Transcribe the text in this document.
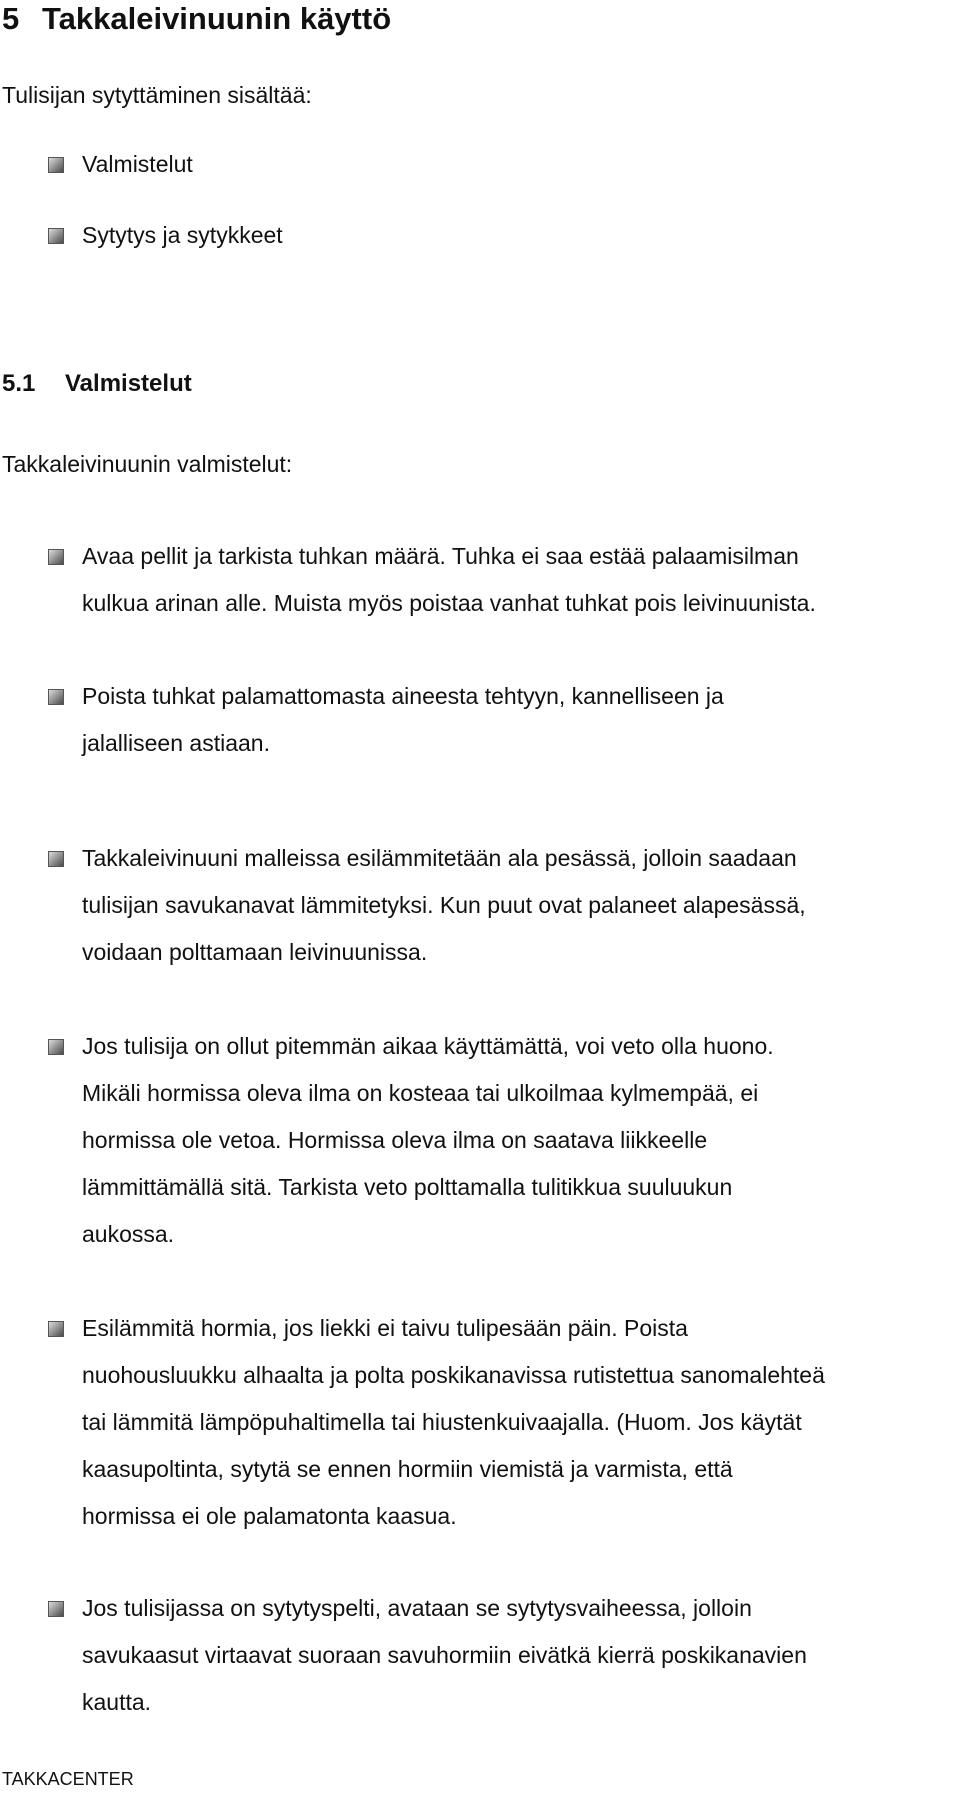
5 Takkaleivinuunin käyttö
Tulisijan sytyttäminen sisältää:
Valmistelut
Sytytys ja sytykkeet
5.1 Valmistelut
Takkaleivinuunin valmistelut:
Avaa pellit ja tarkista tuhkan määrä. Tuhka ei saa estää palaamisilman
kulkua arinan alle. Muista myös poistaa vanhat tuhkat pois leivinuunista.
Poista tuhkat palamattomasta aineesta tehtyyn, kannelliseen ja
jalalliseen astiaan.
Takkaleivinuuni malleissa esilämmitetään ala pesässä, jolloin saadaan
tulisijan savukanavat lämmitetyksi. Kun puut ovat palaneet alapesässä,
voidaan polttamaan leivinuunissa.
Jos tulisija on ollut pitemmän aikaa käyttämättä, voi veto olla huono.
Mikäli hormissa oleva ilma on kosteaa tai ulkoilmaa kylmempää, ei
hormissa ole vetoa. Hormissa oleva ilma on saatava liikkeelle
lämmittämällä sitä. Tarkista veto polttamalla tulitikkua suuluukun
aukossa.
Esilämmitä hormia, jos liekki ei taivu tulipesään päin. Poista
nuohousluukku alhaalta ja polta poskikanavissa rutistettua sanomalehteä
tai lämmitä lämpöpuhaltimella tai hiustenkuivaajalla. (Huom. Jos käytät
kaasupoltinta, sytytä se ennen hormiin viemistä ja varmista, että
hormissa ei ole palamatonta kaasua.
Jos tulisijassa on sytytyspelti, avataan se sytytysvaiheessa, jolloin
savukaasut virtaavat suoraan savuhormiin eivätkä kierrä poskikanavien
kautta.
TAKKACENTER
